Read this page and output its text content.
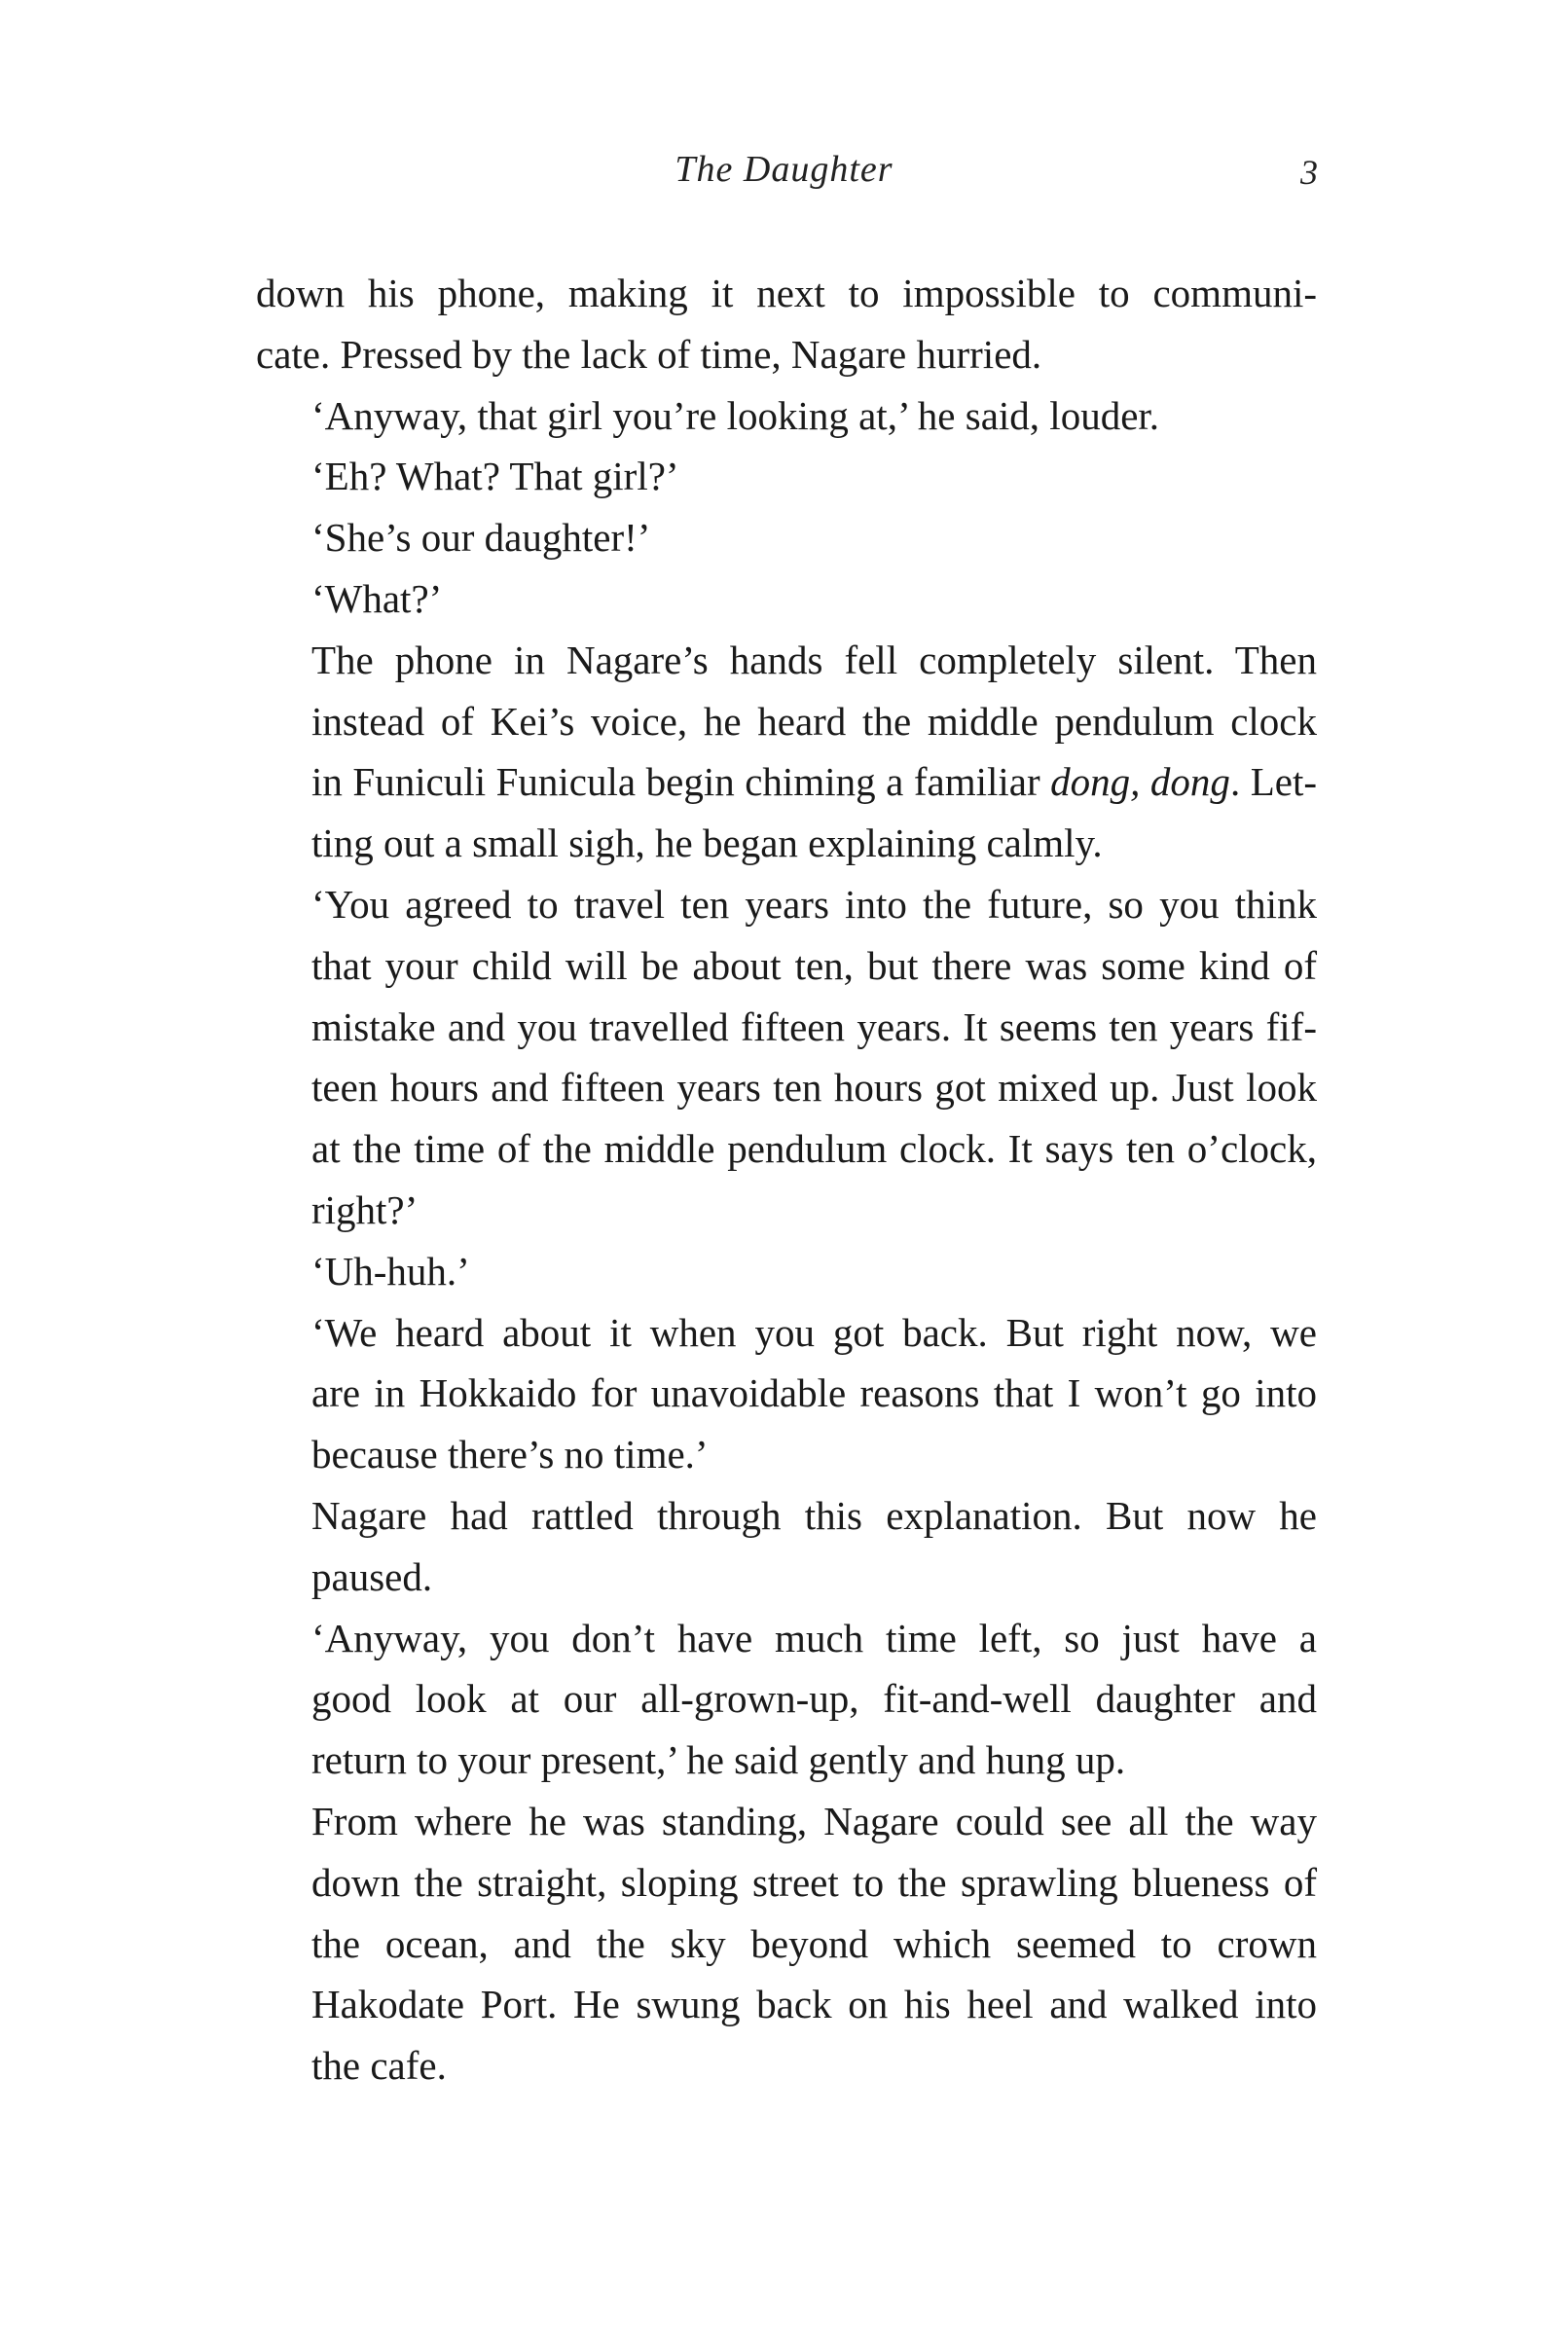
The Daughter	3

down his phone, making it next to impossible to communi-
cate. Pressed by the lack of time, Nagare hurried.

‘Anyway, that girl you’re looking at,’ he said, louder.

‘Eh? What? That girl?’

‘She’s our daughter!’

‘What?’

The phone in Nagare’s hands fell completely silent. Then
instead of Kei’s voice, he heard the middle pendulum clock
in Funiculi Funicula begin chiming a familiar dong, dong. Let-
ting out a small sigh, he began explaining calmly.

‘You agreed to travel ten years into the future, so you think
that your child will be about ten, but there was some kind of
mistake and you travelled fifteen years. It seems ten years fif-
teen hours and fifteen years ten hours got mixed up. Just look
at the time of the middle pendulum clock. It says ten o’clock,
right?’

‘Uh-huh.’

‘We heard about it when you got back. But right now, we
are in Hokkaido for unavoidable reasons that I won’t go into
because there’s no time.’

Nagare had rattled through this explanation. But now he
paused.

‘Anyway, you don’t have much time left, so just have a
good look at our all-grown-up, fit-and-well daughter and
return to your present,’ he said gently and hung up.

From where he was standing, Nagare could see all the way
down the straight, sloping street to the sprawling blueness of
the ocean, and the sky beyond which seemed to crown
Hakodate Port. He swung back on his heel and walked into
the cafe.
